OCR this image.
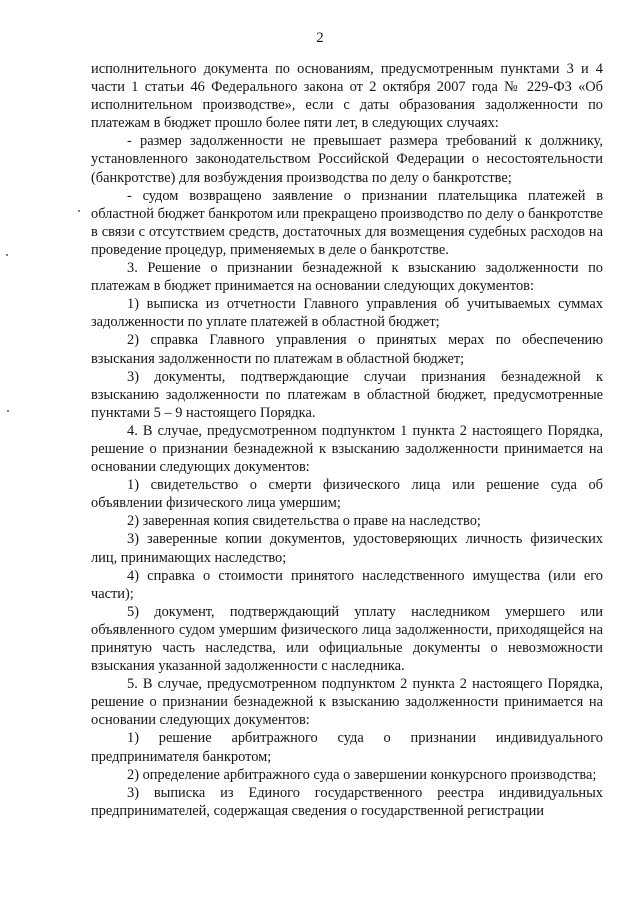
2

исполнительного документа по основаниям, предусмотренным пунктами 3 и 4 части 1 статьи 46 Федерального закона от 2 октября 2007 года № 229-ФЗ «Об исполнительном производстве», если с даты образования задолженности по платежам в бюджет прошло более пяти лет, в следующих случаях:

- размер задолженности не превышает размера требований к должнику, установленного законодательством Российской Федерации о несостоятельности (банкротстве) для возбуждения производства по делу о банкротстве;

- судом возвращено заявление о признании плательщика платежей в областной бюджет банкротом или прекращено производство по делу о банкротстве в связи с отсутствием средств, достаточных для возмещения судебных расходов на проведение процедур, применяемых в деле о банкротстве.

3. Решение о признании безнадежной к взысканию задолженности по платежам в бюджет принимается на основании следующих документов:

1) выписка из отчетности Главного управления об учитываемых суммах задолженности по уплате платежей в областной бюджет;

2) справка Главного управления о принятых мерах по обеспечению взыскания задолженности по платежам в областной бюджет;

3) документы, подтверждающие случаи признания безнадежной к взысканию задолженности по платежам в областной бюджет, предусмотренные пунктами 5 – 9 настоящего Порядка.

4. В случае, предусмотренном подпунктом 1 пункта 2 настоящего Порядка, решение о признании безнадежной к взысканию задолженности принимается на основании следующих документов:

1) свидетельство о смерти физического лица или решение суда об объявлении физического лица умершим;

2) заверенная копия свидетельства о праве на наследство;

3) заверенные копии документов, удостоверяющих личность физических лиц, принимающих наследство;

4) справка о стоимости принятого наследственного имущества (или его части);

5) документ, подтверждающий уплату наследником умершего или объявленного судом умершим физического лица задолженности, приходящейся на принятую часть наследства, или официальные документы о невозможности взыскания указанной задолженности с наследника.

5. В случае, предусмотренном подпунктом 2 пункта 2 настоящего Порядка, решение о признании безнадежной к взысканию задолженности принимается на основании следующих документов:

1) решение арбитражного суда о признании индивидуального предпринимателя банкротом;

2) определение арбитражного суда о завершении конкурсного производства;

3) выписка из Единого государственного реестра индивидуальных предпринимателей, содержащая сведения о государственной регистрации
